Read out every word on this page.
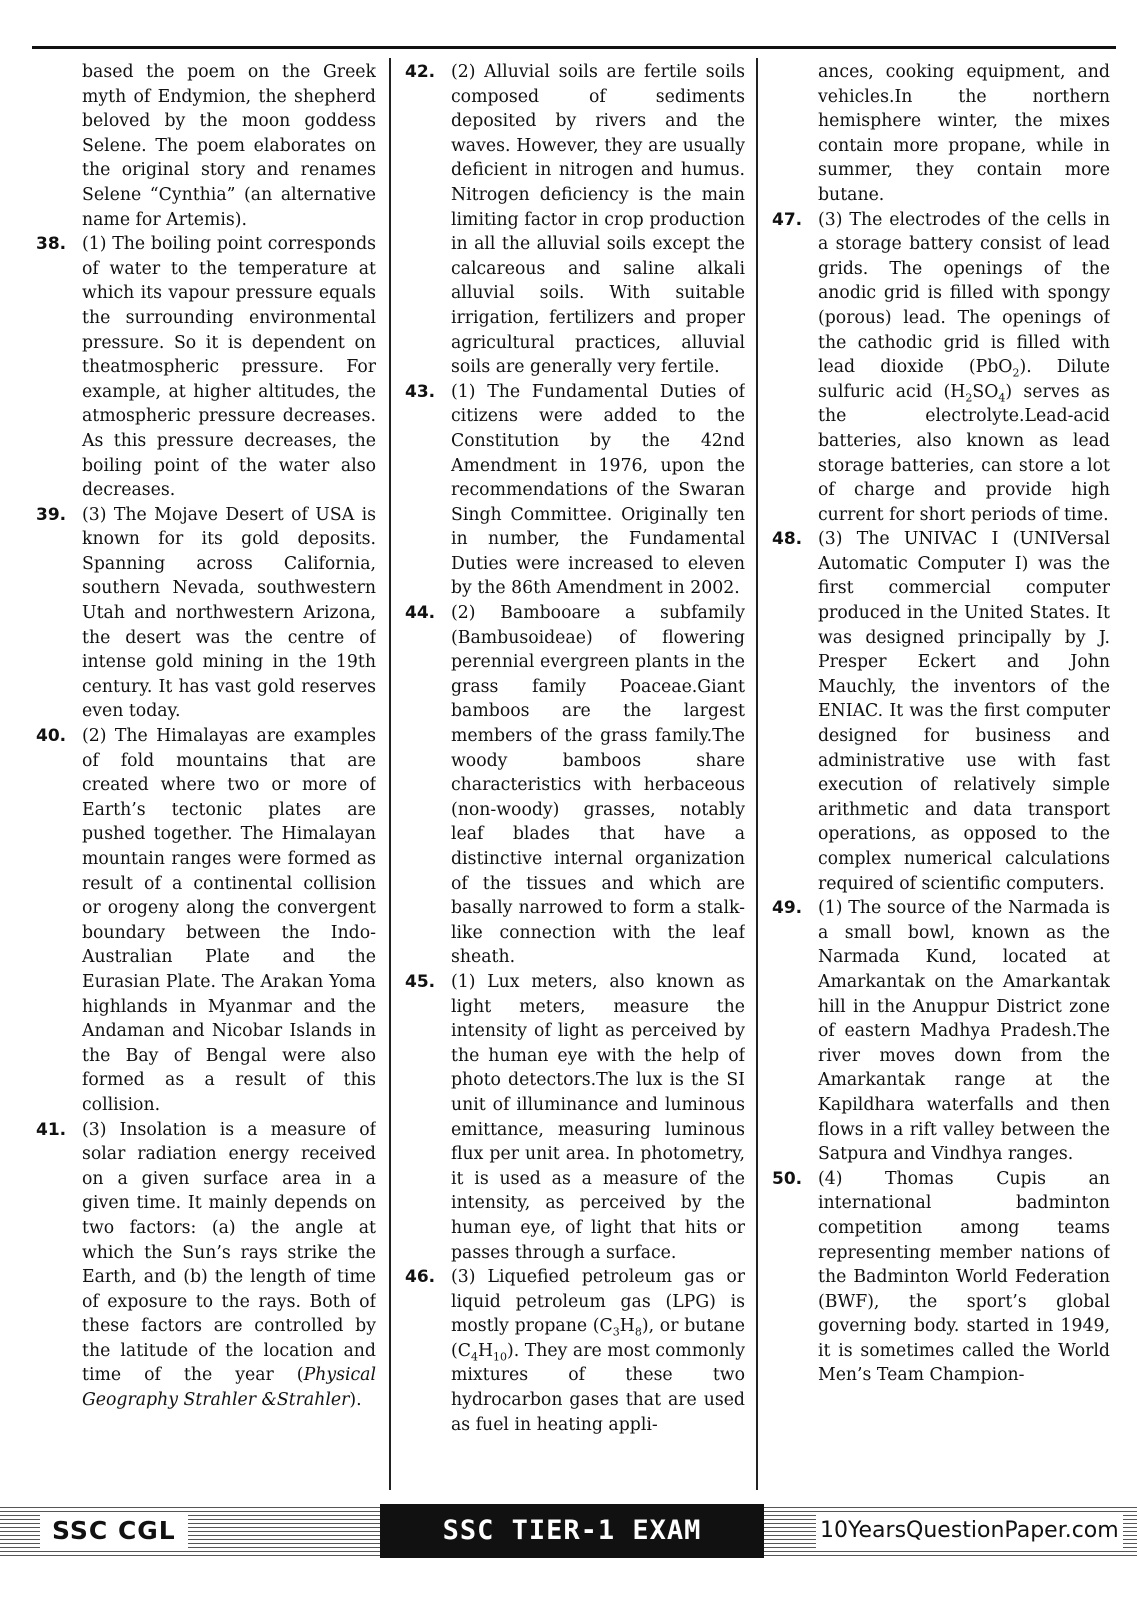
based the poem on the Greek myth of Endymion, the shepherd beloved by the moon goddess Selene. The poem elaborates on the original story and renames Selene “Cynthia” (an alternative name for Artemis).

38. (1) The boiling point corresponds of water to the temperature at which its vapour pressure equals the surrounding environmental pressure. So it is dependent on theatmospheric pressure. For example, at higher altitudes, the atmospheric pressure decreases. As this pressure decreases, the boiling point of the water also decreases.
39. (3) The Mojave Desert of USA is known for its gold deposits. Spanning across California, southern Nevada, southwestern Utah and northwestern Arizona, the desert was the centre of intense gold mining in the 19th century. It has vast gold reserves even today.
40. (2) The Himalayas are examples of fold mountains that are created where two or more of Earth’s tectonic plates are pushed together. The Himalayan mountain ranges were formed as result of a continental collision or orogeny along the convergent boundary between the Indo-Australian Plate and the Eurasian Plate. The Arakan Yoma highlands in Myanmar and the Andaman and Nicobar Islands in the Bay of Bengal were also formed as a result of this collision.
41. (3) Insolation is a measure of solar radiation energy received on a given surface area in a given time. It mainly depends on two factors: (a) the angle at which the Sun’s rays strike the Earth, and (b) the length of time of exposure to the rays. Both of these factors are controlled by the latitude of the location and time of the year (Physical Geography Strahler &Strahler).
42. (2) Alluvial soils are fertile soils composed of sediments deposited by rivers and the waves. However, they are usually deficient in nitrogen and humus. Nitrogen deficiency is the main limiting factor in crop production in all the alluvial soils except the calcareous and saline alkali alluvial soils. With suitable irrigation, fertilizers and proper agricultural practices, alluvial soils are generally very fertile.
43. (1) The Fundamental Duties of citizens were added to the Constitution by the 42nd Amendment in 1976, upon the recommendations of the Swaran Singh Committee. Originally ten in number, the Fundamental Duties were increased to eleven by the 86th Amendment in 2002.
44. (2) Bambooare a subfamily (Bambusoideae) of flowering perennial evergreen plants in the grass family Poaceae.Giant bamboos are the largest members of the grass family.The woody bamboos share characteristics with herbaceous (non-woody) grasses, notably leaf blades that have a distinctive internal organization of the tissues and which are basally narrowed to form a stalk-like connection with the leaf sheath.
45. (1) Lux meters, also known as light meters, measure the intensity of light as perceived by the human eye with the help of photo detectors.The lux is the SI unit of illuminance and luminous emittance, measuring luminous flux per unit area. In photometry, it is used as a measure of the intensity, as perceived by the human eye, of light that hits or passes through a surface.
46. (3) Liquefied petroleum gas or liquid petroleum gas (LPG) is mostly propane $(C_3H_8)$, or butane $(C_4H_{10})$. They are most commonly mixtures of these two hydrocarbon gases that are used as fuel in heating appli-

ances, cooking equipment, and vehicles.In the northern hemisphere winter, the mixes contain more propane, while in summer, they contain more butane.

47. (3) The electrodes of the cells in a storage battery consist of lead grids. The openings of the anodic grid is filled with spongy (porous) lead. The openings of the cathodic grid is filled with lead dioxide (PbO$_2$). Dilute sulfuric acid $(H_2SO_4)$ serves as the electrolyte.Lead-acid batteries, also known as lead storage batteries, can store a lot of charge and provide high current for short periods of time.
48. (3) The UNIVAC I (UNIVersal Automatic Computer I) was the first commercial computer produced in the United States. It was designed principally by J. Presper Eckert and John Mauchly, the inventors of the ENIAC. It was the first computer designed for business and administrative use with fast execution of relatively simple arithmetic and data transport operations, as opposed to the complex numerical calculations required of scientific computers.
49. (1) The source of the Narmada is a small bowl, known as the Narmada Kund, located at Amarkantak on the Amarkantak hill in the Anuppur District zone of eastern Madhya Pradesh.The river moves down from the Amarkantak range at the Kapildhara waterfalls and then flows in a rift valley between the Satpura and Vindhya ranges.
50. (4) Thomas Cupis an international badminton competition among teams representing member nations of the Badminton World Federation (BWF), the sport’s global governing body. started in 1949, it is sometimes called the World Men’s Team Champion-
SSC CGL	SSC TIER-1 EXAM	10YearsQuestionPaper.com
